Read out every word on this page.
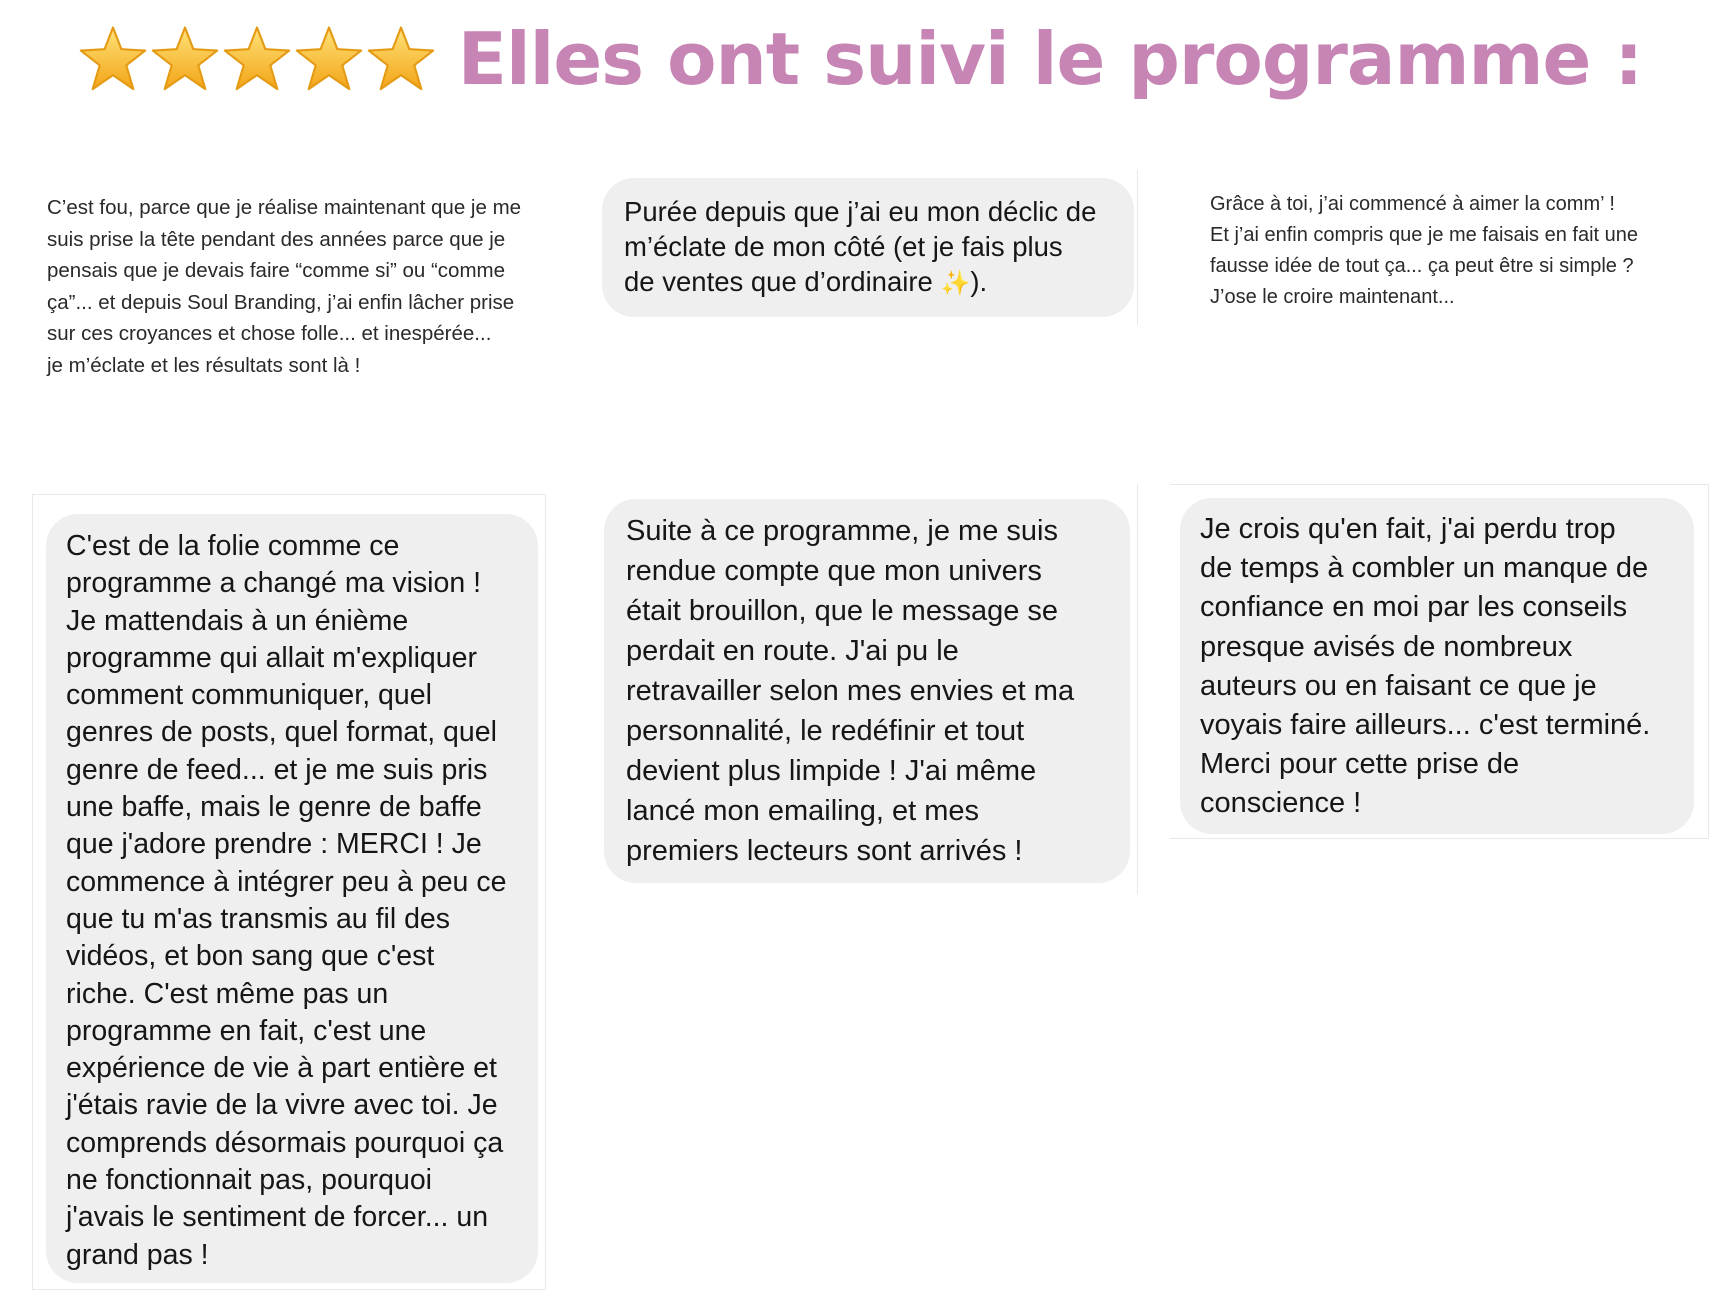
Elles ont suivi le programme :

C’est fou, parce que je réalise maintenant que je me
suis prise la tête pendant des années parce que je
pensais que je devais faire “comme si” ou “comme
ça”... et depuis Soul Branding, j’ai enfin lâcher prise
sur ces croyances et chose folle... et inespérée...
je m’éclate et les résultats sont là !

Purée depuis que j’ai eu mon déclic de
m’éclate de mon côté (et je fais plus
de ventes que d’ordinaire ✨).

Grâce à toi, j’ai commencé à aimer la comm’ !
Et j’ai enfin compris que je me faisais en fait une
fausse idée de tout ça... ça peut être si simple ?
J’ose le croire maintenant...

C'est de la folie comme ce
programme a changé ma vision !
Je mattendais à un énième
programme qui allait m'expliquer
comment communiquer, quel
genres de posts, quel format, quel
genre de feed... et je me suis pris
une baffe, mais le genre de baffe
que j'adore prendre : MERCI ! Je
commence à intégrer peu à peu ce
que tu m'as transmis au fil des
vidéos, et bon sang que c'est
riche. C'est même pas un
programme en fait, c'est une
expérience de vie à part entière et
j'étais ravie de la vivre avec toi. Je
comprends désormais pourquoi ça
ne fonctionnait pas, pourquoi
j'avais le sentiment de forcer... un
grand pas !

Suite à ce programme, je me suis
rendue compte que mon univers
était brouillon, que le message se
perdait en route. J'ai pu le
retravailler selon mes envies et ma
personnalité, le redéfinir et tout
devient plus limpide ! J'ai même
lancé mon emailing, et mes
premiers lecteurs sont arrivés !

Je crois qu'en fait, j'ai perdu trop
de temps à combler un manque de
confiance en moi par les conseils
presque avisés de nombreux
auteurs ou en faisant ce que je
voyais faire ailleurs... c'est terminé.
Merci pour cette prise de
conscience !
